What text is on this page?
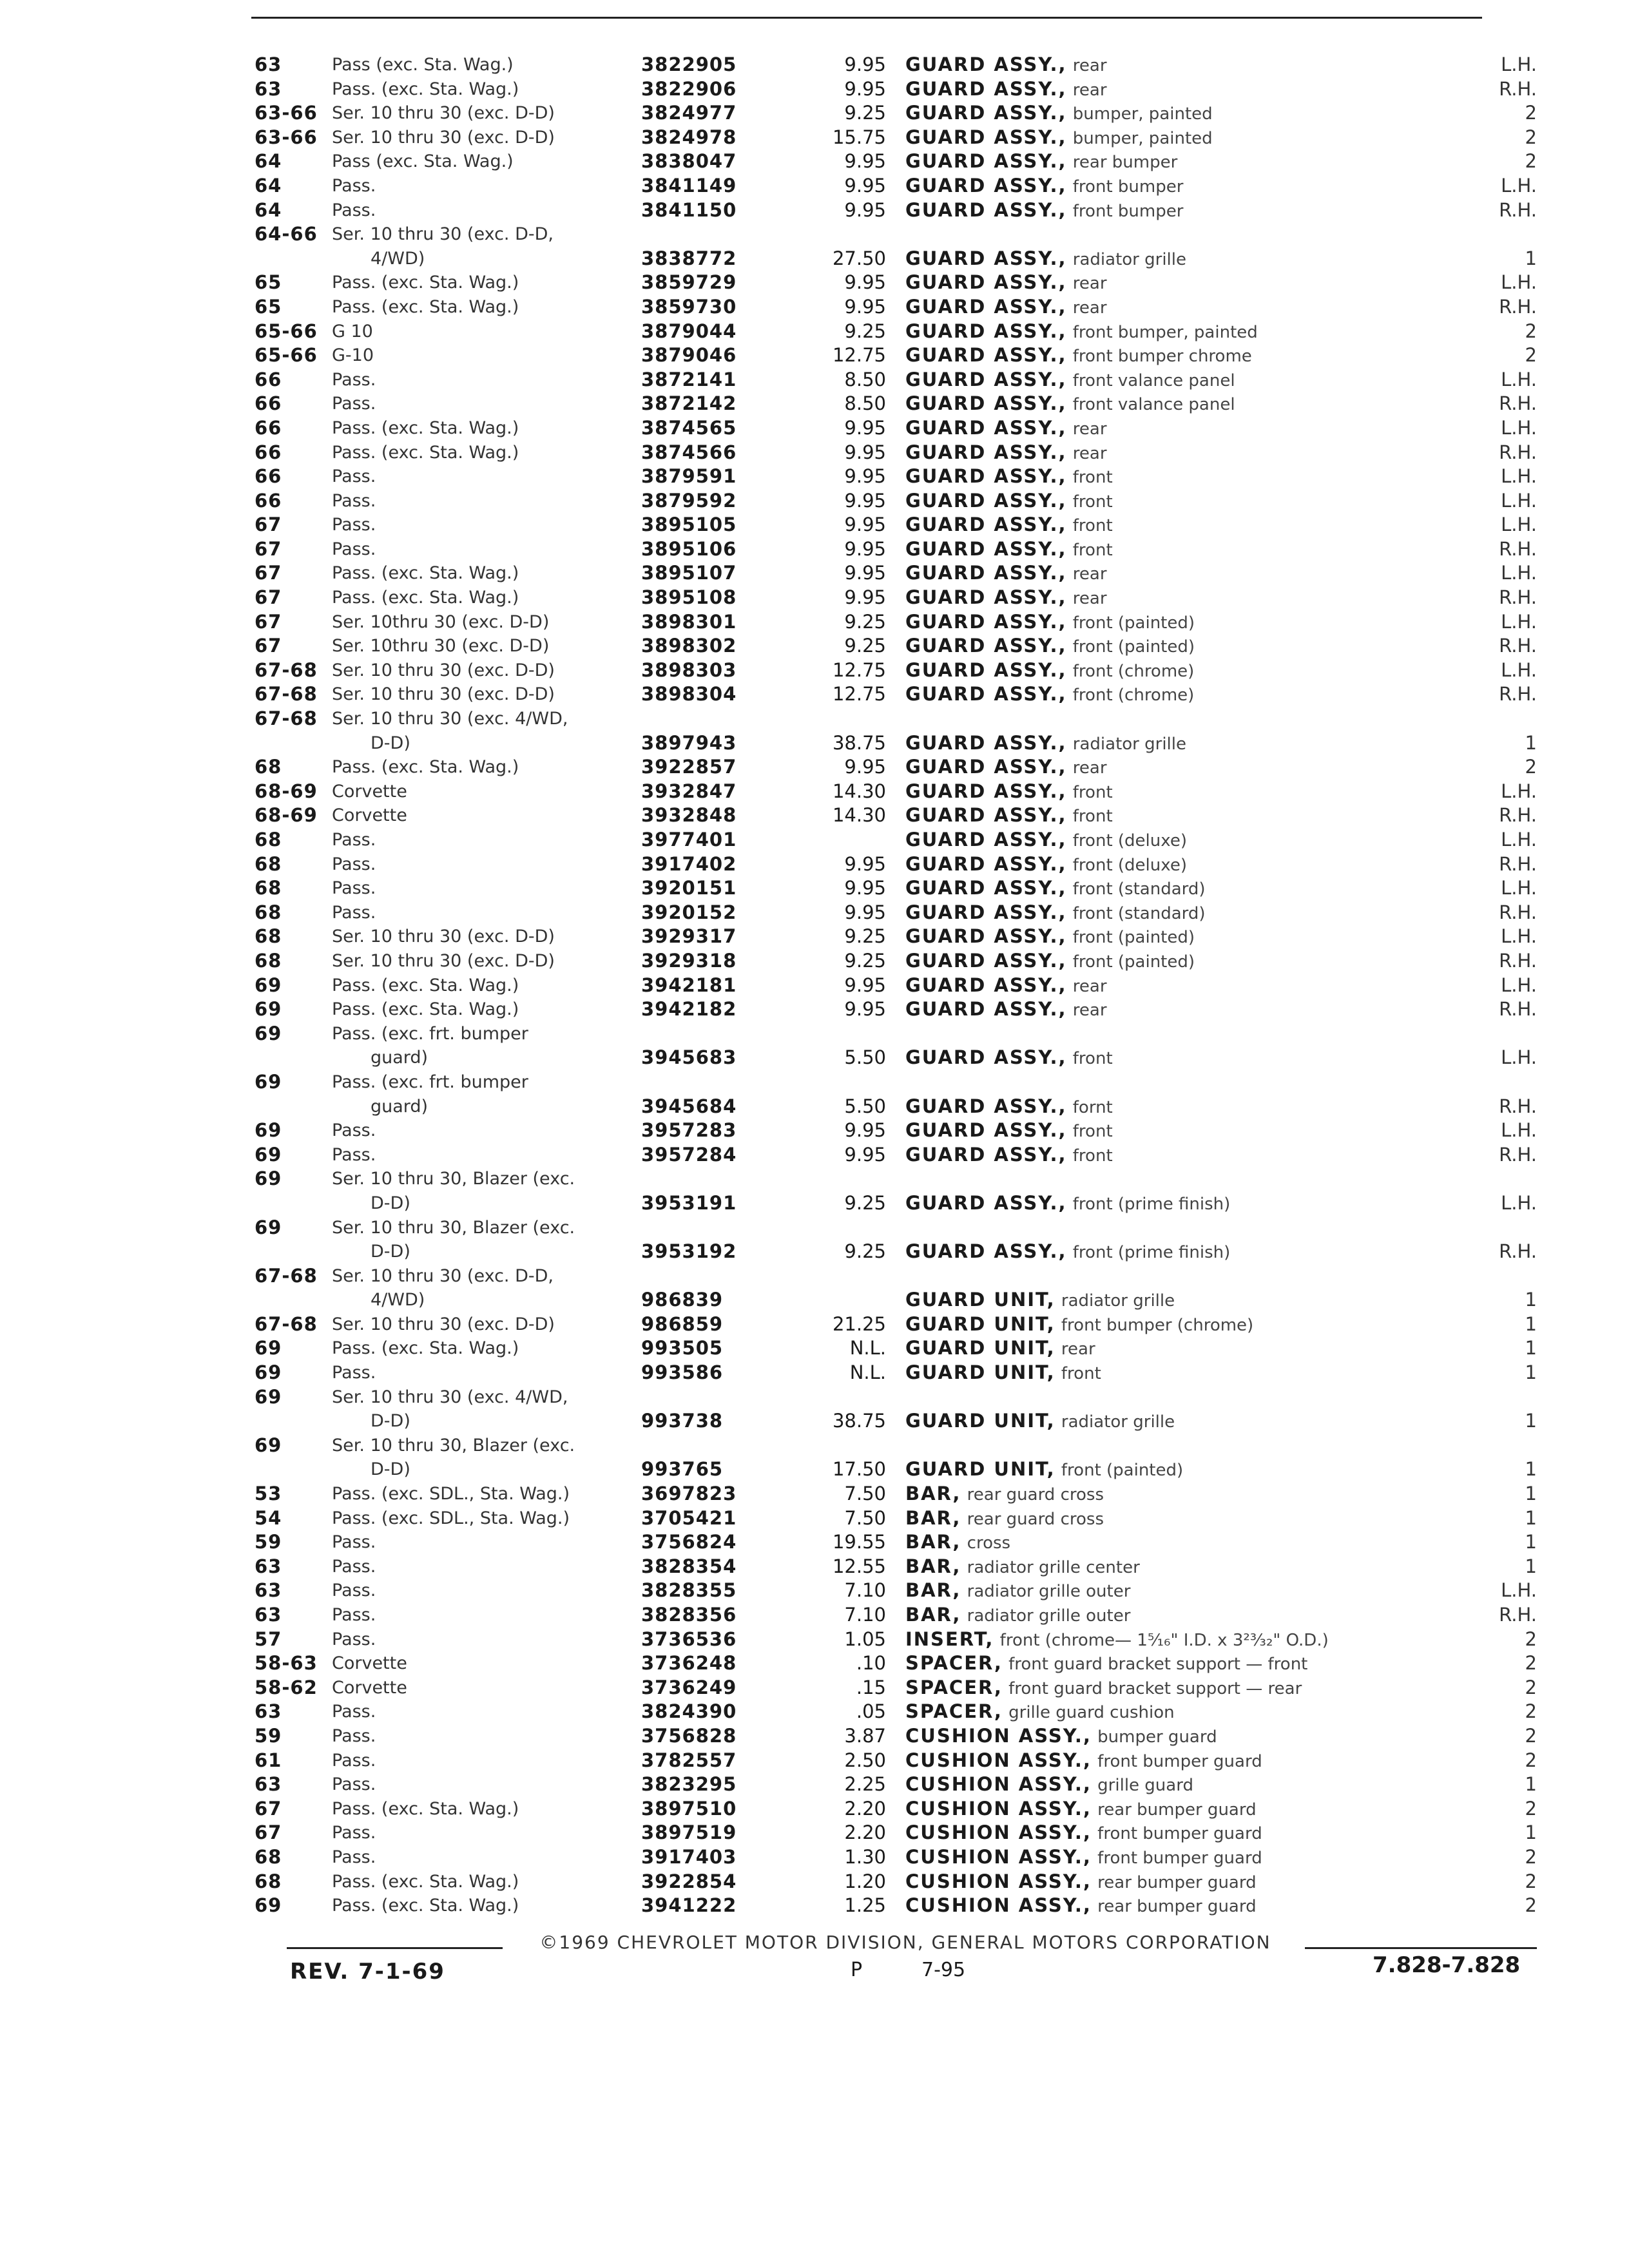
63	Pass (exc. Sta. Wag.)	3822905	9.95 GUARD ASSY., rear	L.H.
63	Pass. (exc. Sta. Wag.)	3822906	9.95 GUARD ASSY., rear	R.H.
63-66 Ser. 10 thru 30 (exc. D-D)	3824977	9.25 GUARD ASSY., bumper, painted	2
63-66 Ser. 10 thru 30 (exc. D-D)	3824978	15.75 GUARD ASSY., bumper, painted	2
64	Pass (exc. Sta. Wag.)	3838047	9.95 GUARD ASSY., rear bumper	2
64	Pass.	3841149	9.95 GUARD ASSY., front bumper	L.H.
64	Pass.	3841150	9.95 GUARD ASSY., front bumper	R.H.
64-66 Ser. 10 thru 30 (exc. D-D,
4/WD)	3838772	27.50 GUARD ASSY., radiator grille	1
65	Pass. (exc. Sta. Wag.)	3859729	9.95 GUARD ASSY., rear	L.H.
65	Pass. (exc. Sta. Wag.)	3859730	9.95 GUARD ASSY., rear	R.H.
65-66 G 10	3879044	9.25 GUARD ASSY., front bumper, painted	2
65-66 G-10	3879046	12.75 GUARD ASSY., front bumper chrome	2
66	Pass.	3872141	8.50 GUARD ASSY., front valance panel	L.H.
66	Pass.	3872142	8.50 GUARD ASSY., front valance panel	R.H.
66	Pass. (exc. Sta. Wag.)	3874565	9.95 GUARD ASSY., rear	L.H.
66	Pass. (exc. Sta. Wag.)	3874566	9.95 GUARD ASSY., rear	R.H.
66	Pass.	3879591	9.95 GUARD ASSY., front	L.H.
66	Pass.	3879592	9.95 GUARD ASSY., front	L.H.
67	Pass.	3895105	9.95 GUARD ASSY., front	L.H.
67	Pass.	3895106	9.95 GUARD ASSY., front	R.H.
67	Pass. (exc. Sta. Wag.)	3895107	9.95 GUARD ASSY., rear	L.H.
67	Pass. (exc. Sta. Wag.)	3895108	9.95 GUARD ASSY., rear	R.H.
67	Ser. 10thru 30 (exc. D-D)	3898301	9.25 GUARD ASSY., front (painted)	L.H.
67	Ser. 10thru 30 (exc. D-D)	3898302	9.25 GUARD ASSY., front (painted)	R.H.
67-68 Ser. 10 thru 30 (exc. D-D)	3898303	12.75 GUARD ASSY., front (chrome)	L.H.
67-68 Ser. 10 thru 30 (exc. D-D)	3898304	12.75 GUARD ASSY., front (chrome)	R.H.
67-68 Ser. 10 thru 30 (exc. 4/WD,
D-D)	3897943	38.75 GUARD ASSY., radiator grille	1
68	Pass. (exc. Sta. Wag.)	3922857	9.95 GUARD ASSY., rear	2
68-69 Corvette	3932847	14.30 GUARD ASSY., front	L.H.
68-69 Corvette	3932848	14.30 GUARD ASSY., front	R.H.
68	Pass.	3977401	GUARD ASSY., front (deluxe)	L.H.
68	Pass.	3917402	9.95 GUARD ASSY., front (deluxe)	R.H.
68	Pass.	3920151	9.95 GUARD ASSY., front (standard)	L.H.
68	Pass.	3920152	9.95 GUARD ASSY., front (standard)	R.H.
68	Ser. 10 thru 30 (exc. D-D)	3929317	9.25 GUARD ASSY., front (painted)	L.H.
68	Ser. 10 thru 30 (exc. D-D)	3929318	9.25 GUARD ASSY., front (painted)	R.H.
69	Pass. (exc. Sta. Wag.)	3942181	9.95 GUARD ASSY., rear	L.H.
69	Pass. (exc. Sta. Wag.)	3942182	9.95 GUARD ASSY., rear	R.H.
69	Pass. (exc. frt. bumper
guard)	3945683	5.50 GUARD ASSY., front	L.H.
69	Pass. (exc. frt. bumper
guard)	3945684	5.50 GUARD ASSY., fornt	R.H.
69	Pass.	3957283	9.95 GUARD ASSY., front	L.H.
69	Pass.	3957284	9.95 GUARD ASSY., front	R.H.
69	Ser. 10 thru 30, Blazer (exc.
D-D)	3953191	9.25 GUARD ASSY., front (prime finish)	L.H.
69	Ser. 10 thru 30, Blazer (exc.
D-D)	3953192	9.25 GUARD ASSY., front (prime finish)	R.H.
67-68 Ser. 10 thru 30 (exc. D-D,
4/WD)	986839	GUARD UNIT, radiator grille	1
67-68 Ser. 10 thru 30 (exc. D-D)	986859	21.25 GUARD UNIT, front bumper (chrome)	1
69	Pass. (exc. Sta. Wag.)	993505	N.L. GUARD UNIT, rear	1
69	Pass.	993586	N.L. GUARD UNIT, front	1
69	Ser. 10 thru 30 (exc. 4/WD,
D-D)	993738	38.75 GUARD UNIT, radiator grille	1
69	Ser. 10 thru 30, Blazer (exc.
D-D)	993765	17.50 GUARD UNIT, front (painted)	1
53	Pass. (exc. SDL., Sta. Wag.)	3697823	7.50 BAR, rear guard cross	1
54	Pass. (exc. SDL., Sta. Wag.)	3705421	7.50 BAR, rear guard cross	1
59	Pass.	3756824	19.55 BAR, cross	1
63	Pass.	3828354	12.55 BAR, radiator grille center	1
63	Pass.	3828355	7.10 BAR, radiator grille outer	L.H.
63	Pass.	3828356	7.10 BAR, radiator grille outer	R.H.
57	Pass.	3736536	1.05 INSERT, front (chrome— 1⁵⁄₁₆" I.D. x 3²³⁄₃₂" O.D.)	2
58-63 Corvette	3736248	.10 SPACER, front guard bracket support — front	2
58-62 Corvette	3736249	.15 SPACER, front guard bracket support — rear	2
63	Pass.	3824390	.05 SPACER, grille guard cushion	2
59	Pass.	3756828	3.87 CUSHION ASSY., bumper guard	2
61	Pass.	3782557	2.50 CUSHION ASSY., front bumper guard	2
63	Pass.	3823295	2.25 CUSHION ASSY., grille guard	1
67	Pass. (exc. Sta. Wag.)	3897510	2.20 CUSHION ASSY., rear bumper guard	2
67	Pass.	3897519	2.20 CUSHION ASSY., front bumper guard	1
68	Pass.	3917403	1.30 CUSHION ASSY., front bumper guard	2
68	Pass. (exc. Sta. Wag.)	3922854	1.20 CUSHION ASSY., rear bumper guard	2
69	Pass. (exc. Sta. Wag.)	3941222	1.25 CUSHION ASSY., rear bumper guard	2
©1969 CHEVROLET MOTOR DIVISION, GENERAL MOTORS CORPORATION
REV. 7-1-69	P	7-95	7.828-7.828
